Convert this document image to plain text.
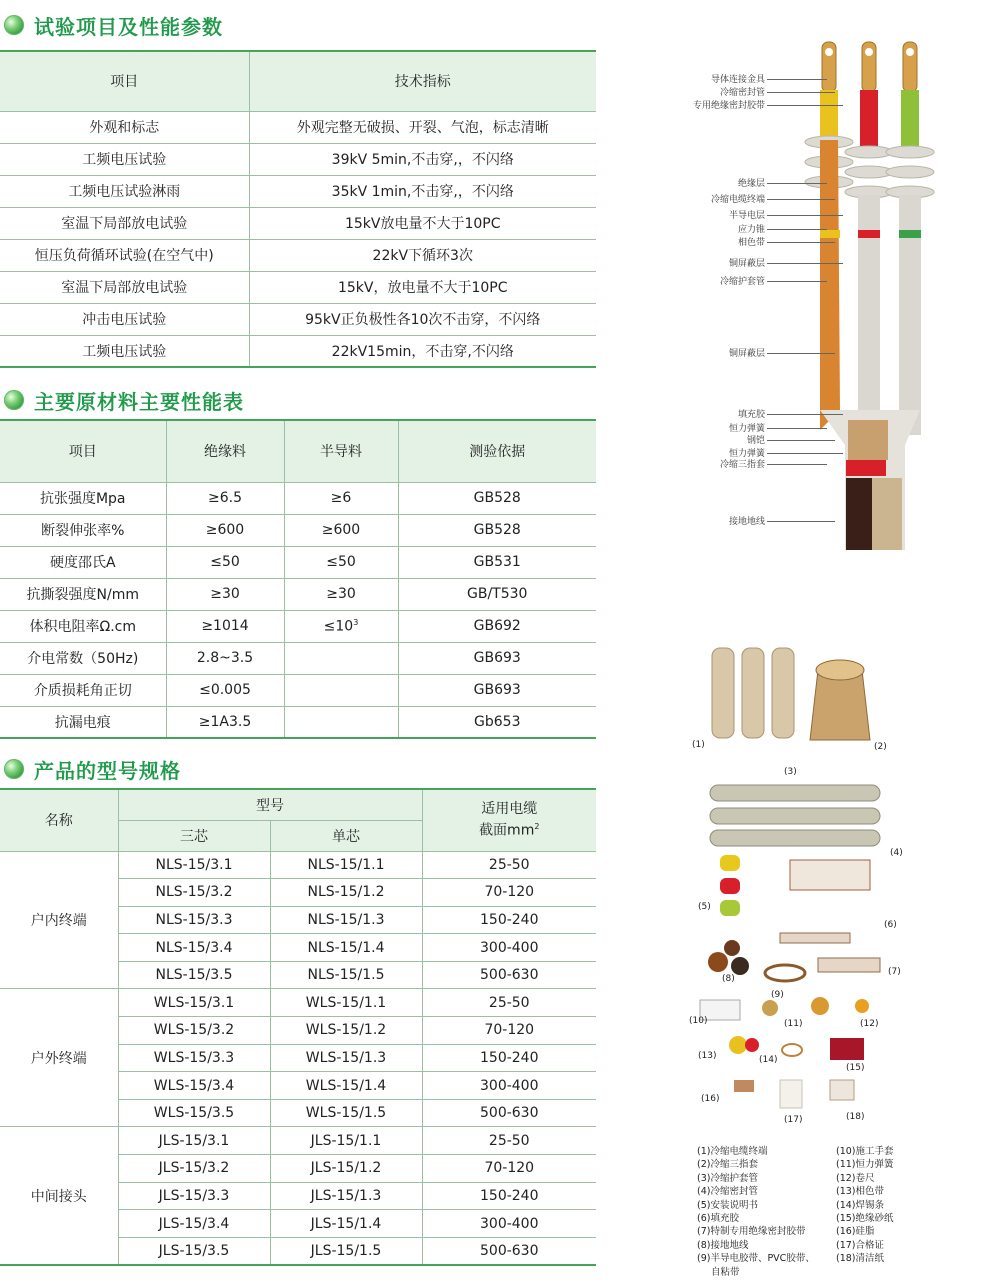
试验项目及性能参数
项目	技术指标
外观和标志	外观完整无破损、开裂、气泡，标志清晰
工频电压试验	39kV 5min,不击穿,，不闪络
工频电压试验淋雨	35kV 1min,不击穿,，不闪络
室温下局部放电试验	15kV放电量不大于10PC
恒压负荷循环试验(在空气中)	22kV下循环3次
室温下局部放电试验	15kV，放电量不大于10PC
冲击电压试验	95kV正负极性各10次不击穿，不闪络
工频电压试验	22kV15min，不击穿,不闪络
主要原材料主要性能表
项目	绝缘料	半导料	测验依据
抗张强度Mpa	≥6.5	≥6	GB528
断裂伸张率%	≥600	≥600	GB528
硬度邵氏A	≤50	≤50	GB531
抗撕裂强度N/mm	≥30	≥30	GB/T530
体积电阻率Ω.cm	≥1014	$\le 10^3$	GB692
介电常数（50Hz)	2.8~3.5		GB693
介质损耗角正切	≤0.005		GB693
抗漏电痕	≥1A3.5		Gb653
产品的型号规格
名称	型号		适用电缆
截面$mm^2$
	三芯	单芯	
户内终端	NLS-15/3.1	NLS-15/1.1	25-50
	NLS-15/3.2	NLS-15/1.2	70-120
	NLS-15/3.3	NLS-15/1.3	150-240
	NLS-15/3.4	NLS-15/1.4	300-400
	NLS-15/3.5	NLS-15/1.5	500-630
户外终端	WLS-15/3.1	WLS-15/1.1	25-50
	WLS-15/3.2	WLS-15/1.2	70-120
	WLS-15/3.3	WLS-15/1.3	150-240
	WLS-15/3.4	WLS-15/1.4	300-400
	WLS-15/3.5	WLS-15/1.5	500-630
中间接头	JLS-15/3.1	JLS-15/1.1	25-50
	JLS-15/3.2	JLS-15/1.2	70-120
	JLS-15/3.3	JLS-15/1.3	150-240
	JLS-15/3.4	JLS-15/1.4	300-400
	JLS-15/3.5	JLS-15/1.5	500-630
导体连接金具
冷缩密封管
专用绝缘密封胶带
绝缘层
冷缩电缆终端
半导电层
应力锥
相色带
铜屏蔽层
冷缩护套管
铜屏蔽层
填充胶
恒力弹簧
钢铠
恒力弹簧
冷缩三指套
接地地线
(1)	(2)
(3)
(4)
(5)
(6)
(7)
(8)
(9)
(10)	(11)	(12)
(13)	(14)
(15)
(16)
(17)	(18)
(1)冷缩电缆终端
(2)冷缩三指套
(3)冷缩护套管
(4)冷缩密封管
(5)安装说明书
(6)填充胶
(7)特制专用绝缘密封胶带
(8)接地地线
(9)半导电胶带、PVC胶带、
自粘带
(10)施工手套
(11)恒力弹簧
(12)卷尺
(13)相色带
(14)焊锡条
(15)绝缘砂纸
(16)硅脂
(17)合格证
(18)清洁纸
